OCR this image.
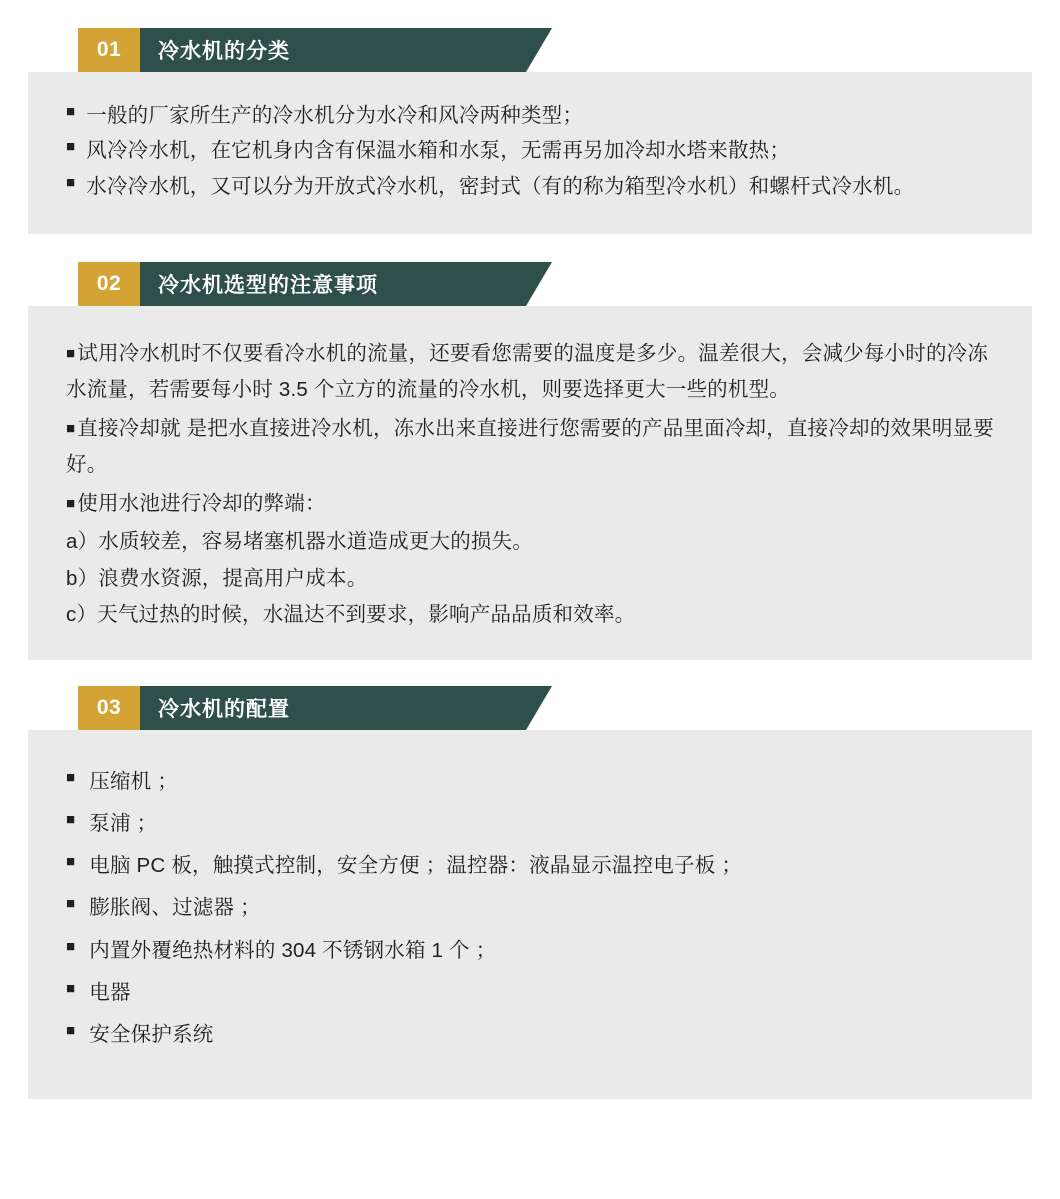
01	冷水机的分类
■ 一般的厂家所生产的冷水机分为水冷和风冷两种类型；
■ 风冷冷水机，在它机身内含有保温水箱和水泵，无需再另加冷却水塔来散热；
■ 水冷冷水机，又可以分为开放式冷水机，密封式（有的称为箱型冷水机）和螺杆式冷水机。
02	冷水机选型的注意事项

■试用冷水机时不仅要看冷水机的流量，还要看您需要的温度是多少。温差很大，会减少每小时的冷冻水流量，若需要每小时 3.5 个立方的流量的冷水机，则要选择更大一些的机型。

■直接冷却就 是把水直接进冷水机，冻水出来直接进行您需要的产品里面冷却，直接冷却的效果明显要好。

■使用水池进行冷却的弊端：

a）水质较差，容易堵塞机器水道造成更大的损失。
b）浪费水资源，提高用户成本。
c）天气过热的时候，水温达不到要求，影响产品品质和效率。
03	冷水机的配置
■ 压缩机 ；
■ 泵浦 ；
■ 电脑 PC 板，触摸式控制，安全方便 ；温控器：液晶显示温控电子板 ；
■ 膨胀阀、过滤器 ；
■ 内置外覆绝热材料的 304 不锈钢水箱 1 个 ；
■ 电器
■ 安全保护系统
